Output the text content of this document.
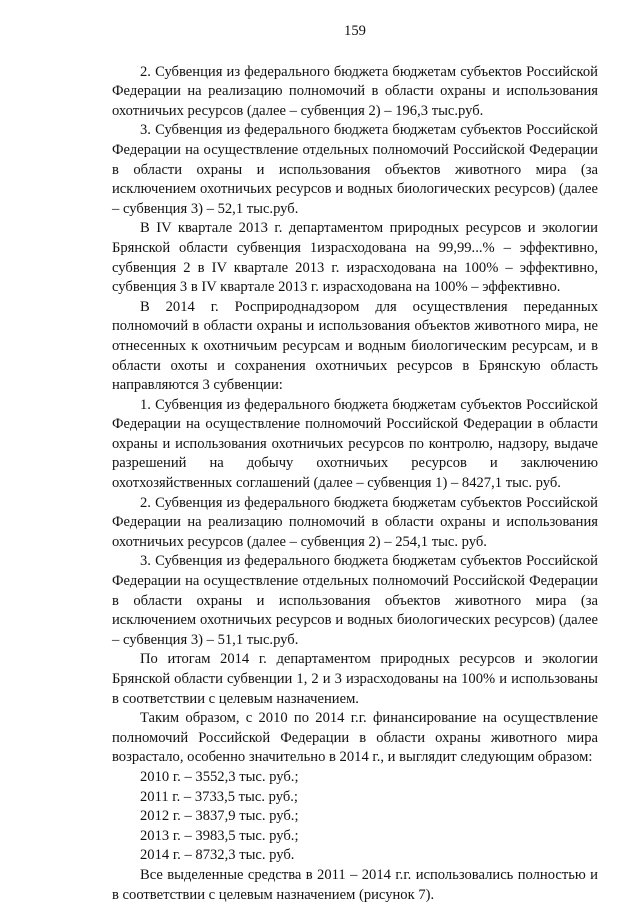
159

2. Субвенция из федерального бюджета бюджетам субъектов Российской Федерации на реализацию полномочий в области охраны и использования охотничьих ресурсов (далее – субвенция 2) – 196,3 тыс.руб.

3. Субвенция из федерального бюджета бюджетам субъектов Российской Федерации на осуществление отдельных полномочий Российской Федерации в области охраны и использования объектов животного мира (за исключением охотничьих ресурсов и водных биологических ресурсов) (далее – субвенция 3) – 52,1 тыс.руб.

В IV квартале 2013 г. департаментом природных ресурсов и экологии Брянской области субвенция 1израсходована на 99,99...% – эффективно, субвенция 2 в IV квартале 2013 г. израсходована на 100% – эффективно, субвенция 3 в IV квартале 2013 г. израсходована на 100% – эффективно.

В 2014 г. Росприроднадзором для осуществления переданных полномочий в области охраны и использования объектов животного мира, не отнесенных к охотничьим ресурсам и водным биологическим ресурсам, и в области охоты и сохранения охотничьих ресурсов в Брянскую область направляются 3 субвенции:

1. Субвенция из федерального бюджета бюджетам субъектов Российской Федерации на осуществление полномочий Российской Федерации в области охраны и использования охотничьих ресурсов по контролю, надзору, выдаче разрешений на добычу охотничьих ресурсов и заключению охотхозяйственных соглашений (далее – субвенция 1) – 8427,1 тыс. руб.

2. Субвенция из федерального бюджета бюджетам субъектов Российской Федерации на реализацию полномочий в области охраны и использования охотничьих ресурсов (далее – субвенция 2) – 254,1 тыс. руб.

3. Субвенция из федерального бюджета бюджетам субъектов Российской Федерации на осуществление отдельных полномочий Российской Федерации в области охраны и использования объектов животного мира (за исключением охотничьих ресурсов и водных биологических ресурсов) (далее – субвенция 3) – 51,1 тыс.руб.

По итогам 2014 г. департаментом природных ресурсов и экологии Брянской области субвенции 1, 2 и 3 израсходованы на 100% и использованы в соответствии с целевым назначением.

Таким образом, с 2010 по 2014 г.г. финансирование на осуществление полномочий Российской Федерации в области охраны животного мира возрастало, особенно значительно в 2014 г., и выглядит следующим образом:

2010 г. – 3552,3 тыс. руб.;

2011 г. – 3733,5 тыс. руб.;

2012 г. – 3837,9 тыс. руб.;

2013 г. – 3983,5 тыс. руб.;

2014 г. – 8732,3 тыс. руб.

Все выделенные средства в 2011 – 2014 г.г. использовались полностью и в соответствии с целевым назначением (рисунок 7).
